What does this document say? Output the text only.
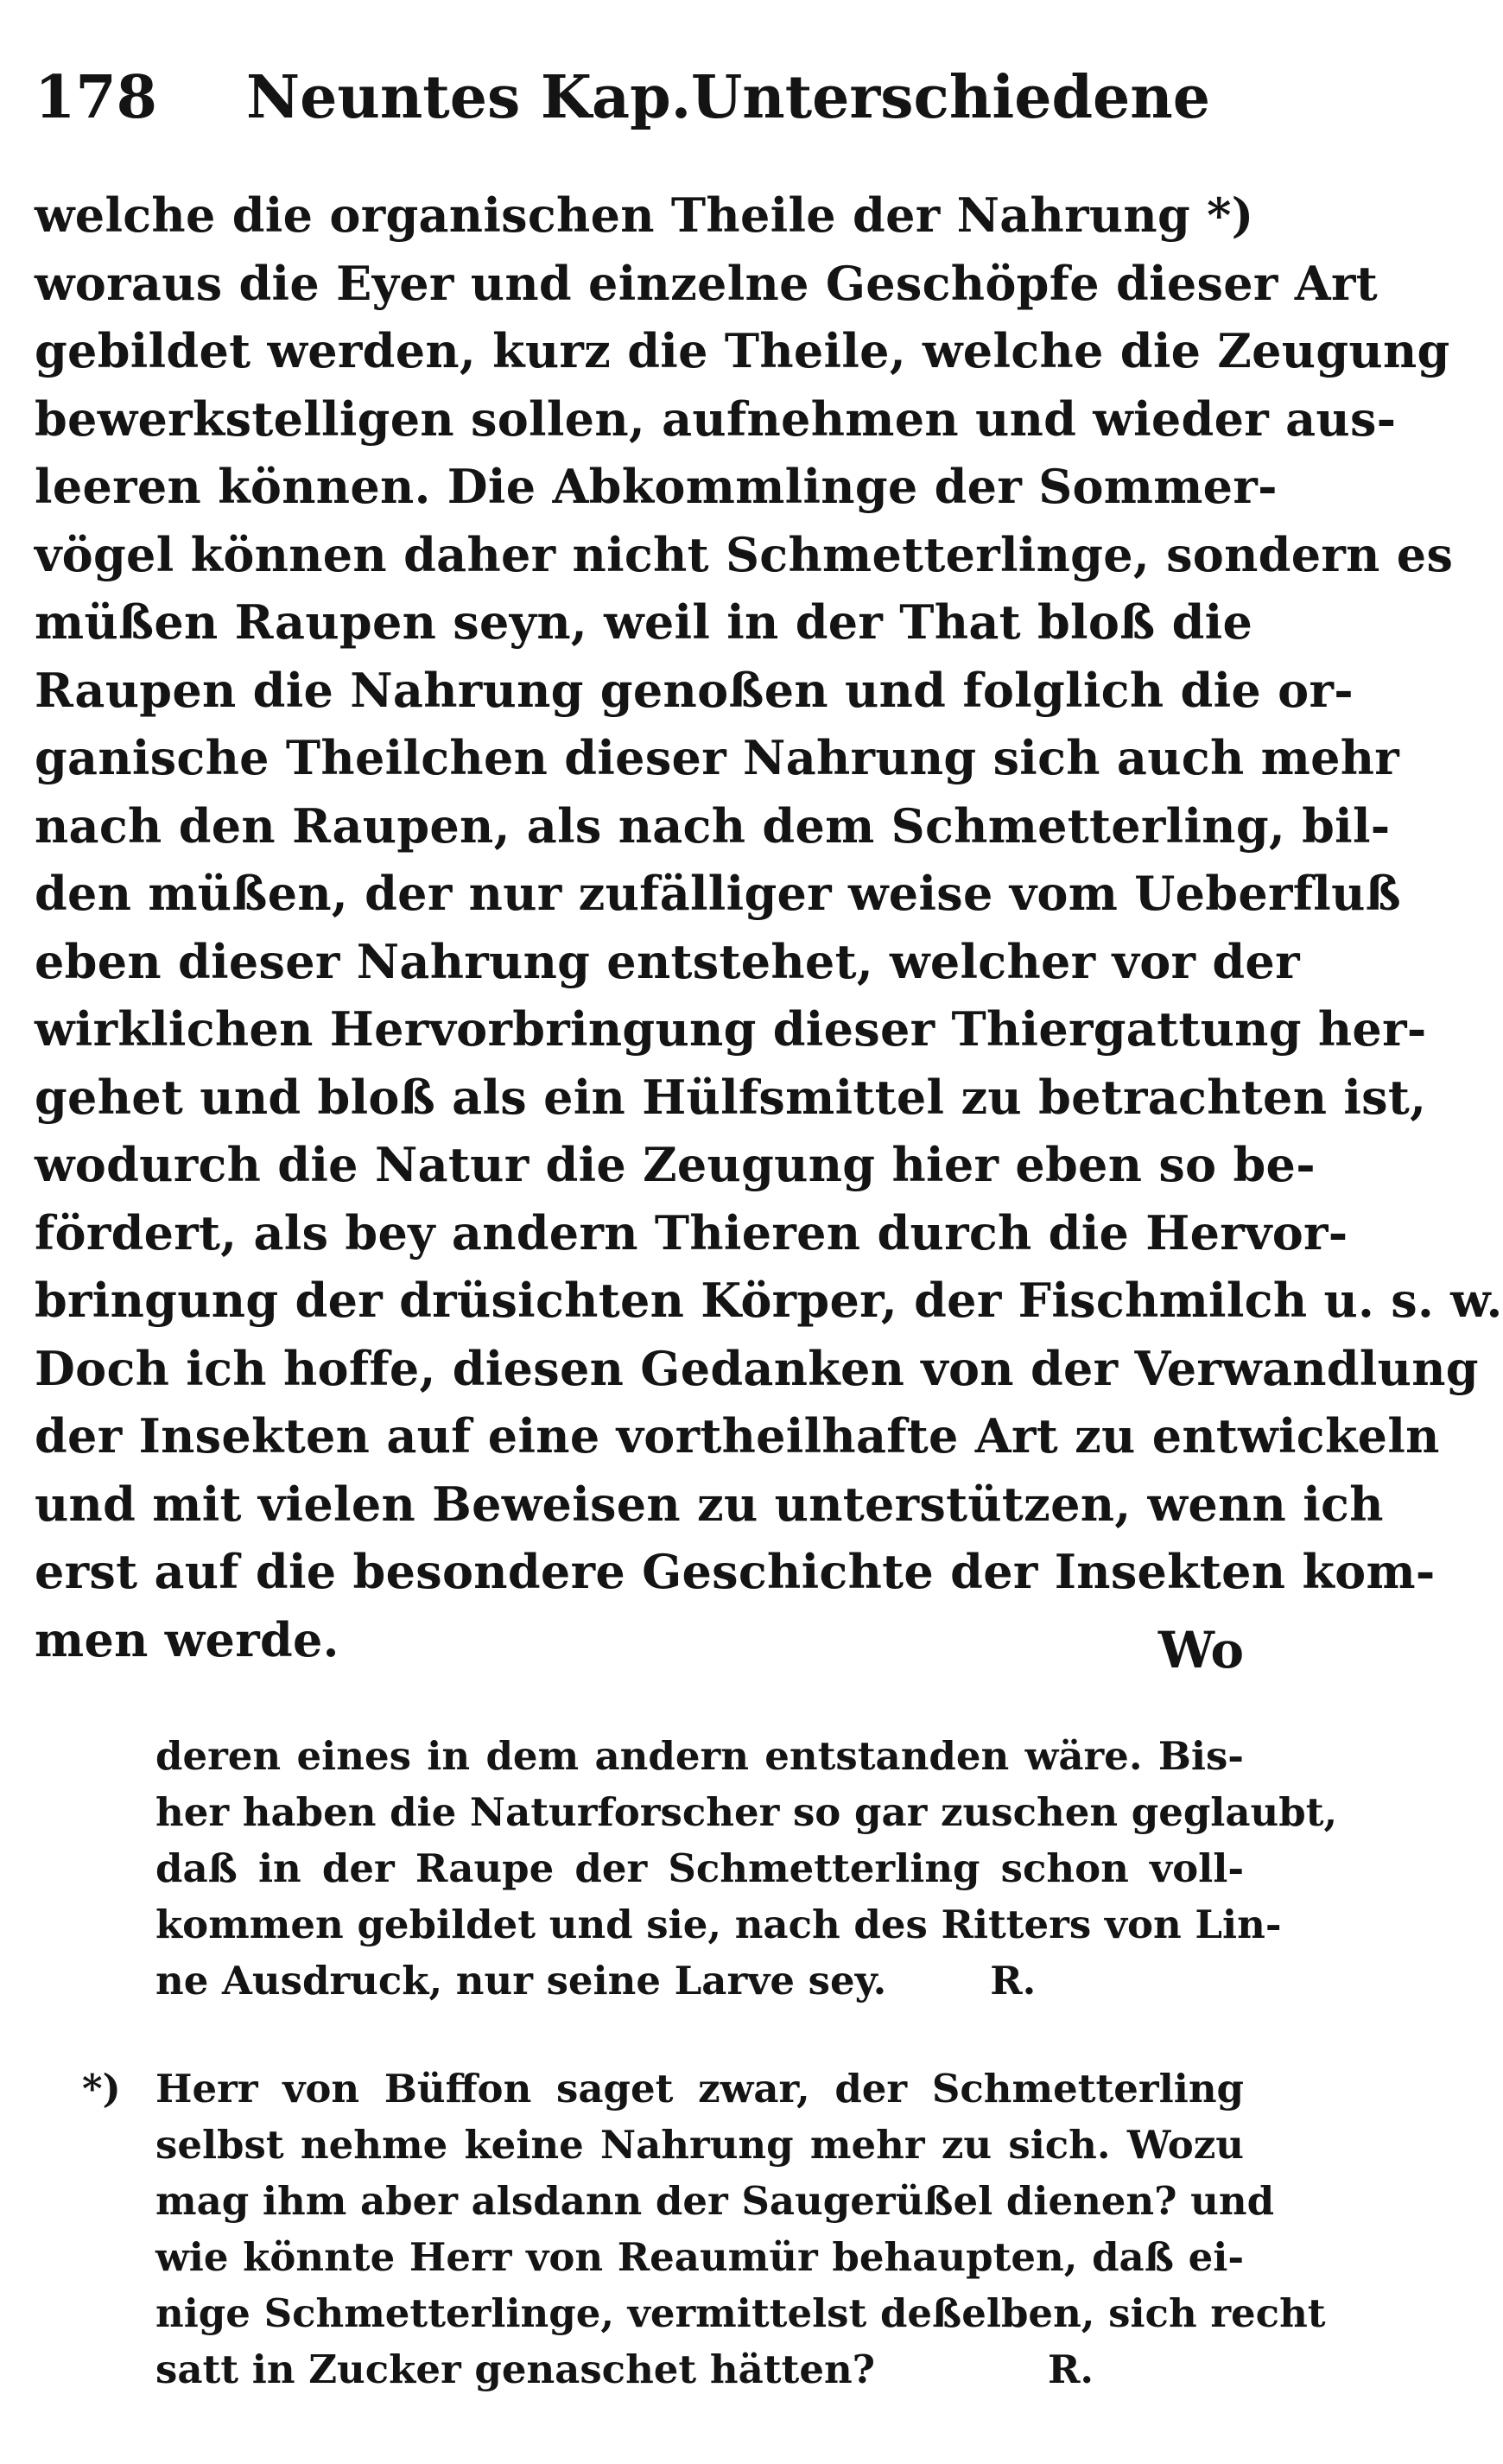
178 Neuntes Kap. Unterschiedene
welche die organischen Theile der Nahrung *)
woraus die Eyer und einzelne Geschöpfe dieser Art
gebildet werden, kurz die Theile, welche die Zeugung
bewerkstelligen sollen, aufnehmen und wieder aus-
leeren können. Die Abkommlinge der Sommer-
vögel können daher nicht Schmetterlinge, sondern es
müßen Raupen seyn, weil in der That bloß die
Raupen die Nahrung genoßen und folglich die or-
ganische Theilchen dieser Nahrung sich auch mehr
nach den Raupen, als nach dem Schmetterling, bil-
den müßen, der nur zufälliger weise vom Ueberfluß
eben dieser Nahrung entstehet, welcher vor der
wirklichen Hervorbringung dieser Thiergattung her-
gehet und bloß als ein Hülfsmittel zu betrachten ist,
wodurch die Natur die Zeugung hier eben so be-
fördert, als bey andern Thieren durch die Hervor-
bringung der drüsichten Körper, der Fischmilch u. s. w.
Doch ich hoffe, diesen Gedanken von der Verwandlung
der Insekten auf eine vortheilhafte Art zu entwickeln
und mit vielen Beweisen zu unterstützen, wenn ich
erst auf die besondere Geschichte der Insekten kom-
men werde.	Wo
deren eines in dem andern entstanden wäre. Bis-
her haben die Naturforscher so gar zuschen geglaubt,
daß in der Raupe der Schmetterling schon voll-
kommen gebildet und sie, nach des Ritters von Lin-
ne Ausdruck, nur seine Larve sey.	R.
*) Herr von Büffon saget zwar, der Schmetterling
selbst nehme keine Nahrung mehr zu sich. Wozu
mag ihm aber alsdann der Saugerüßel dienen? und
wie könnte Herr von Reaumür behaupten, daß ei-
nige Schmetterlinge, vermittelst deßelben, sich recht
satt in Zucker genaschet hätten?	R.
